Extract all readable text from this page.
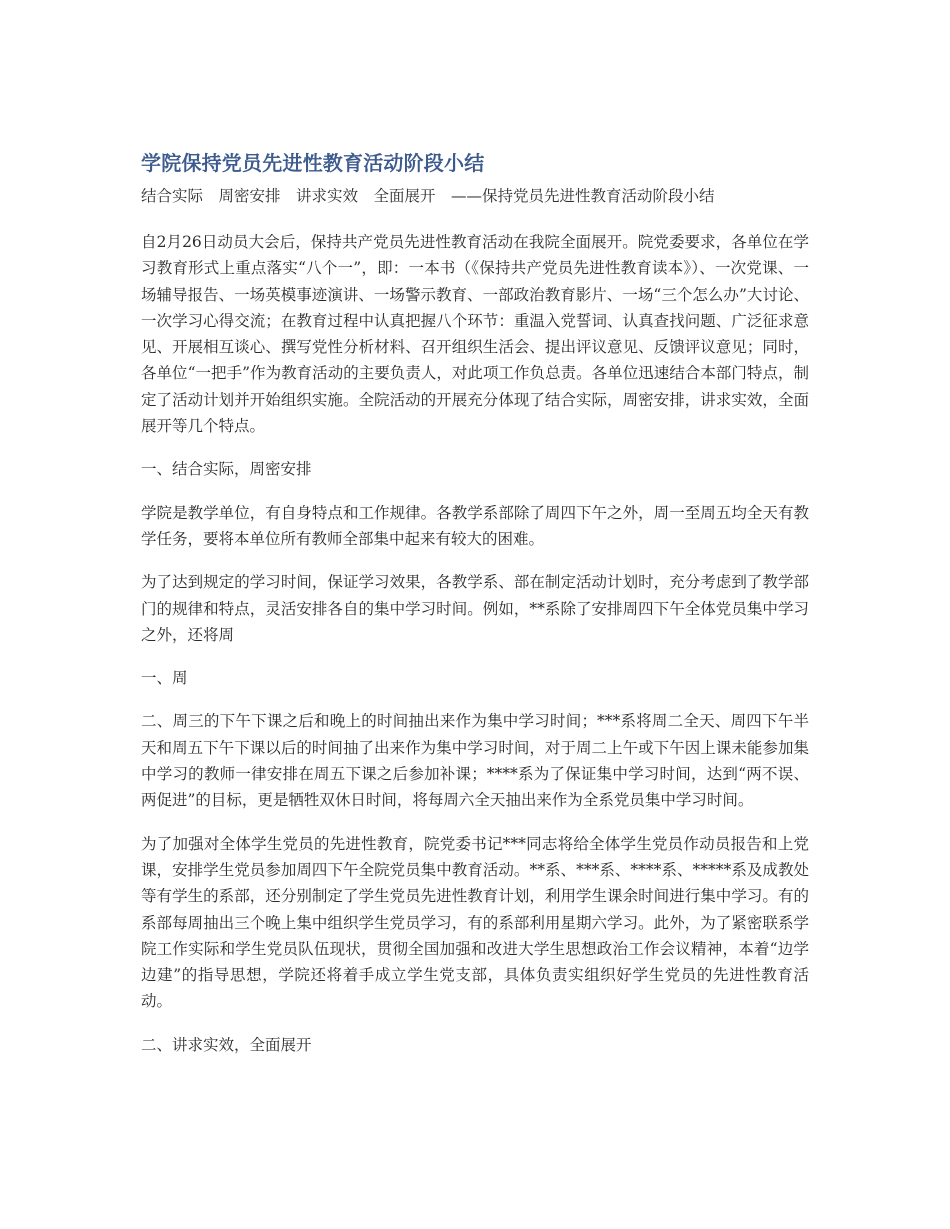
学院保持党员先进性教育活动阶段小结

结合实际　周密安排　讲求实效　全面展开　——保持党员先进性教育活动阶段小结

自2月26日动员大会后，保持共产党员先进性教育活动在我院全面展开。院党委要求，各单位在学习教育形式上重点落实“八个一”，即：一本书（《保持共产党员先进性教育读本》）、一次党课、一场辅导报告、一场英模事迹演讲、一场警示教育、一部政治教育影片、一场“三个怎么办”大讨论、一次学习心得交流；在教育过程中认真把握八个环节：重温入党誓词、认真查找问题、广泛征求意见、开展相互谈心、撰写党性分析材料、召开组织生活会、提出评议意见、反馈评议意见；同时，各单位“一把手”作为教育活动的主要负责人，对此项工作负总责。各单位迅速结合本部门特点，制定了活动计划并开始组织实施。全院活动的开展充分体现了结合实际，周密安排，讲求实效，全面展开等几个特点。

一、结合实际，周密安排

学院是教学单位，有自身特点和工作规律。各教学系部除了周四下午之外，周一至周五均全天有教学任务，要将本单位所有教师全部集中起来有较大的困难。

为了达到规定的学习时间，保证学习效果，各教学系、部在制定活动计划时，充分考虑到了教学部门的规律和特点，灵活安排各自的集中学习时间。例如，**系除了安排周四下午全体党员集中学习之外，还将周

一、周

二、周三的下午下课之后和晚上的时间抽出来作为集中学习时间；***系将周二全天、周四下午半天和周五下午下课以后的时间抽了出来作为集中学习时间，对于周二上午或下午因上课未能参加集中学习的教师一律安排在周五下课之后参加补课；****系为了保证集中学习时间，达到“两不误、两促进”的目标，更是牺牲双休日时间，将每周六全天抽出来作为全系党员集中学习时间。

为了加强对全体学生党员的先进性教育，院党委书记***同志将给全体学生党员作动员报告和上党课，安排学生党员参加周四下午全院党员集中教育活动。**系、***系、****系、*****系及成教处等有学生的系部，还分别制定了学生党员先进性教育计划，利用学生课余时间进行集中学习。有的系部每周抽出三个晚上集中组织学生党员学习，有的系部利用星期六学习。此外，为了紧密联系学院工作实际和学生党员队伍现状，贯彻全国加强和改进大学生思想政治工作会议精神，本着“边学边建”的指导思想，学院还将着手成立学生党支部，具体负责实组织好学生党员的先进性教育活动。

二、讲求实效，全面展开
